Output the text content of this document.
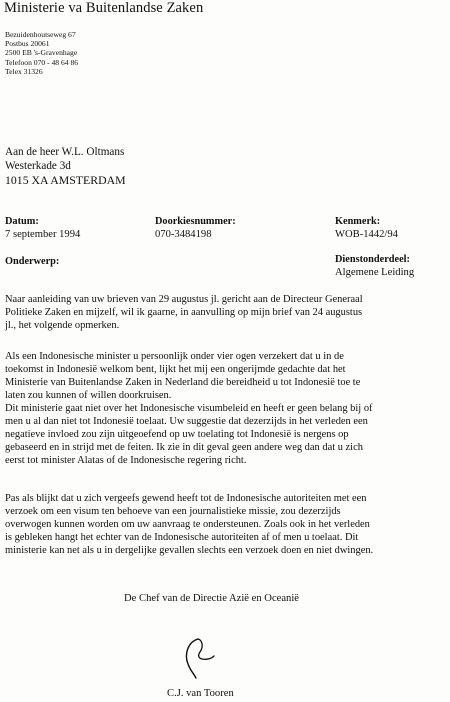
Ministerie va Buitenlandse Zaken
Bezuidenhoutseweg 67
Postbus 20061
2500 EB 's-Gravenhage
Telefoon 070 - 48 64 86
Telex 31326
Aan de heer W.L. Oltmans
Westerkade 3d
1015 XA AMSTERDAM
Datum:
7 september 1994
Doorkiesnummer:
070-3484198
Kenmerk:
WOB-1442/94
Onderwerp:	Dienstonderdeel:
Algemene Leiding
Naar aanleiding van uw brieven van 29 augustus jl. gericht aan de Directeur Generaal
Politieke Zaken en mijzelf, wil ik gaarne, in aanvulling op mijn brief van 24 augustus
jl., het volgende opmerken.
Als een Indonesische minister u persoonlijk onder vier ogen verzekert dat u in de
toekomst in Indonesië welkom bent, lijkt het mij een ongerijmde gedachte dat het
Ministerie van Buitenlandse Zaken in Nederland die bereidheid u tot Indonesië toe te
laten zou kunnen of willen doorkruisen.
Dit ministerie gaat niet over het Indonesische visumbeleid en heeft er geen belang bij of
men u al dan niet tot Indonesië toelaat. Uw suggestie dat dezerzijds in het verleden een
negatieve invloed zou zijn uitgeoefend op uw toelating tot Indonesië is nergens op
gebaseerd en in strijd met de feiten. Ik zie in dit geval geen andere weg dan dat u zich
eerst tot minister Alatas of de Indonesische regering richt.
Pas als blijkt dat u zich vergeefs gewend heeft tot de Indonesische autoriteiten met een
verzoek om een visum ten behoeve van een journalistieke missie, zou dezerzijds
overwogen kunnen worden om uw aanvraag te ondersteunen. Zoals ook in het verleden
is gebleken hangt het echter van de Indonesische autoriteiten af of men u toelaat. Dit
ministerie kan net als u in dergelijke gevallen slechts een verzoek doen en niet dwingen.
De Chef van de Directie Azië en Oceanië
C.J. van Tooren
